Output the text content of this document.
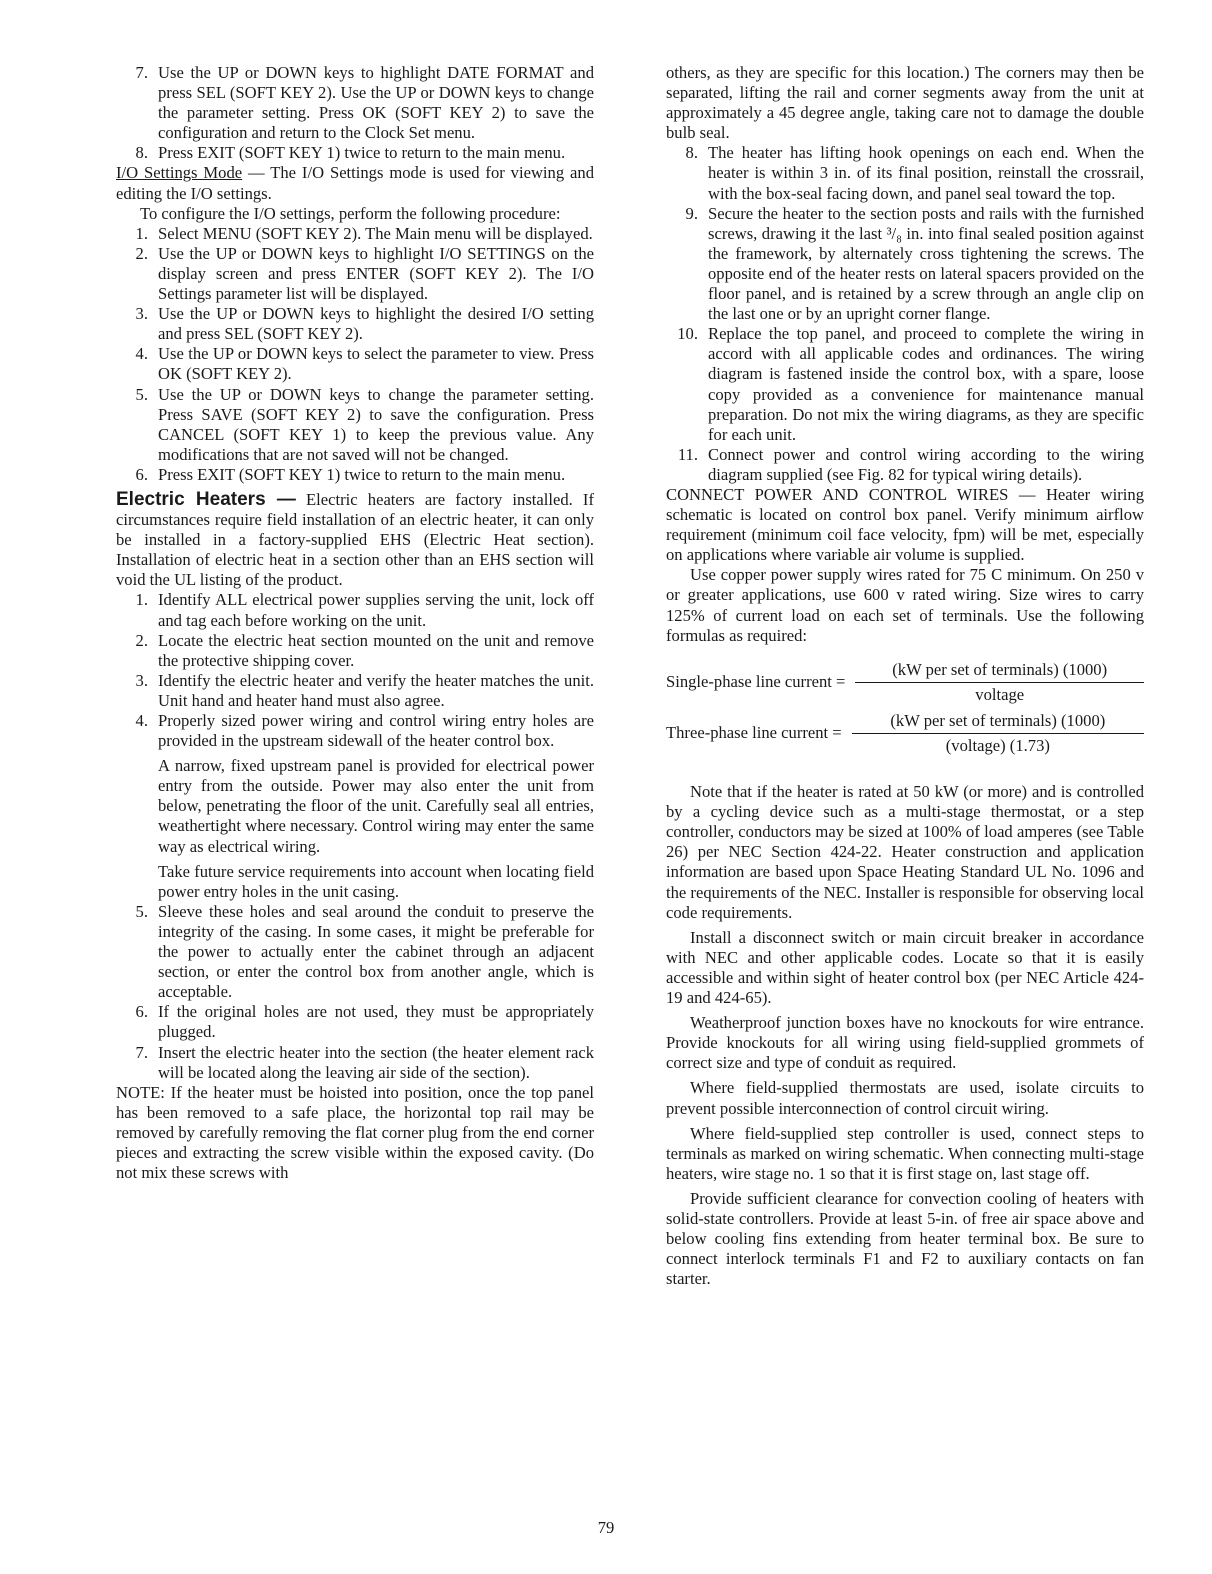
7. Use the UP or DOWN keys to highlight DATE FORMAT and press SEL (SOFT KEY 2). Use the UP or DOWN keys to change the parameter setting. Press OK (SOFT KEY 2) to save the configuration and return to the Clock Set menu.
8. Press EXIT (SOFT KEY 1) twice to return to the main menu.

I/O Settings Mode — The I/O Settings mode is used for viewing and editing the I/O settings.

To configure the I/O settings, perform the following procedure:

1. Select MENU (SOFT KEY 2). The Main menu will be displayed.
2. Use the UP or DOWN keys to highlight I/O SETTINGS on the display screen and press ENTER (SOFT KEY 2). The I/O Settings parameter list will be displayed.
3. Use the UP or DOWN keys to highlight the desired I/O setting and press SEL (SOFT KEY 2).
4. Use the UP or DOWN keys to select the parameter to view. Press OK (SOFT KEY 2).
5. Use the UP or DOWN keys to change the parameter setting. Press SAVE (SOFT KEY 2) to save the configuration. Press CANCEL (SOFT KEY 1) to keep the previous value. Any modifications that are not saved will not be changed.
6. Press EXIT (SOFT KEY 1) twice to return to the main menu.

Electric Heaters — Electric heaters are factory installed. If circumstances require field installation of an electric heater, it can only be installed in a factory-supplied EHS (Electric Heat section). Installation of electric heat in a section other than an EHS section will void the UL listing of the product.

1. Identify ALL electrical power supplies serving the unit, lock off and tag each before working on the unit.
2. Locate the electric heat section mounted on the unit and remove the protective shipping cover.
3. Identify the electric heater and verify the heater matches the unit. Unit hand and heater hand must also agree.
4. Properly sized power wiring and control wiring entry holes are provided in the upstream sidewall of the heater control box.

A narrow, fixed upstream panel is provided for electrical power entry from the outside. Power may also enter the unit from below, penetrating the floor of the unit. Carefully seal all entries, weathertight where necessary. Control wiring may enter the same way as electrical wiring.

Take future service requirements into account when locating field power entry holes in the unit casing.

5. Sleeve these holes and seal around the conduit to preserve the integrity of the casing. In some cases, it might be preferable for the power to actually enter the cabinet through an adjacent section, or enter the control box from another angle, which is acceptable.
6. If the original holes are not used, they must be appropriately plugged.
7. Insert the electric heater into the section (the heater element rack will be located along the leaving air side of the section).

NOTE: If the heater must be hoisted into position, once the top panel has been removed to a safe place, the horizontal top rail may be removed by carefully removing the flat corner plug from the end corner pieces and extracting the screw visible within the exposed cavity. (Do not mix these screws with

others, as they are specific for this location.) The corners may then be separated, lifting the rail and corner segments away from the unit at approximately a 45 degree angle, taking care not to damage the double bulb seal.

8. The heater has lifting hook openings on each end. When the heater is within 3 in. of its final position, reinstall the crossrail, with the box-seal facing down, and panel seal toward the top.
9. Secure the heater to the section posts and rails with the furnished screws, drawing it the last ³/₈ in. into final sealed position against the framework, by alternately cross tightening the screws. The opposite end of the heater rests on lateral spacers provided on the floor panel, and is retained by a screw through an angle clip on the last one or by an upright corner flange.
10. Replace the top panel, and proceed to complete the wiring in accord with all applicable codes and ordinances. The wiring diagram is fastened inside the control box, with a spare, loose copy provided as a convenience for maintenance manual preparation. Do not mix the wiring diagrams, as they are specific for each unit.
11. Connect power and control wiring according to the wiring diagram supplied (see Fig. 82 for typical wiring details).

CONNECT POWER AND CONTROL WIRES — Heater wiring schematic is located on control box panel. Verify minimum airflow requirement (minimum coil face velocity, fpm) will be met, especially on applications where variable air volume is supplied.

Use copper power supply wires rated for 75 C minimum. On 250 v or greater applications, use 600 v rated wiring. Size wires to carry 125% of current load on each set of terminals. Use the following formulas as required:

Single-phase line current = $\frac{\text{(kW per set of terminals) (1000)}}{\text{voltage}}$
Three-phase line current = $\frac{\text{(kW per set of terminals) (1000)}}{\text{(voltage) (1.73)}}$

Note that if the heater is rated at 50 kW (or more) and is controlled by a cycling device such as a multi-stage thermostat, or a step controller, conductors may be sized at 100% of load amperes (see Table 26) per NEC Section 424-22. Heater construction and application information are based upon Space Heating Standard UL No. 1096 and the requirements of the NEC. Installer is responsible for observing local code requirements.

Install a disconnect switch or main circuit breaker in accordance with NEC and other applicable codes. Locate so that it is easily accessible and within sight of heater control box (per NEC Article 424-19 and 424-65).

Weatherproof junction boxes have no knockouts for wire entrance. Provide knockouts for all wiring using field-supplied grommets of correct size and type of conduit as required.

Where field-supplied thermostats are used, isolate circuits to prevent possible interconnection of control circuit wiring.

Where field-supplied step controller is used, connect steps to terminals as marked on wiring schematic. When connecting multi-stage heaters, wire stage no. 1 so that it is first stage on, last stage off.

Provide sufficient clearance for convection cooling of heaters with solid-state controllers. Provide at least 5-in. of free air space above and below cooling fins extending from heater terminal box. Be sure to connect interlock terminals F1 and F2 to auxiliary contacts on fan starter.

79
